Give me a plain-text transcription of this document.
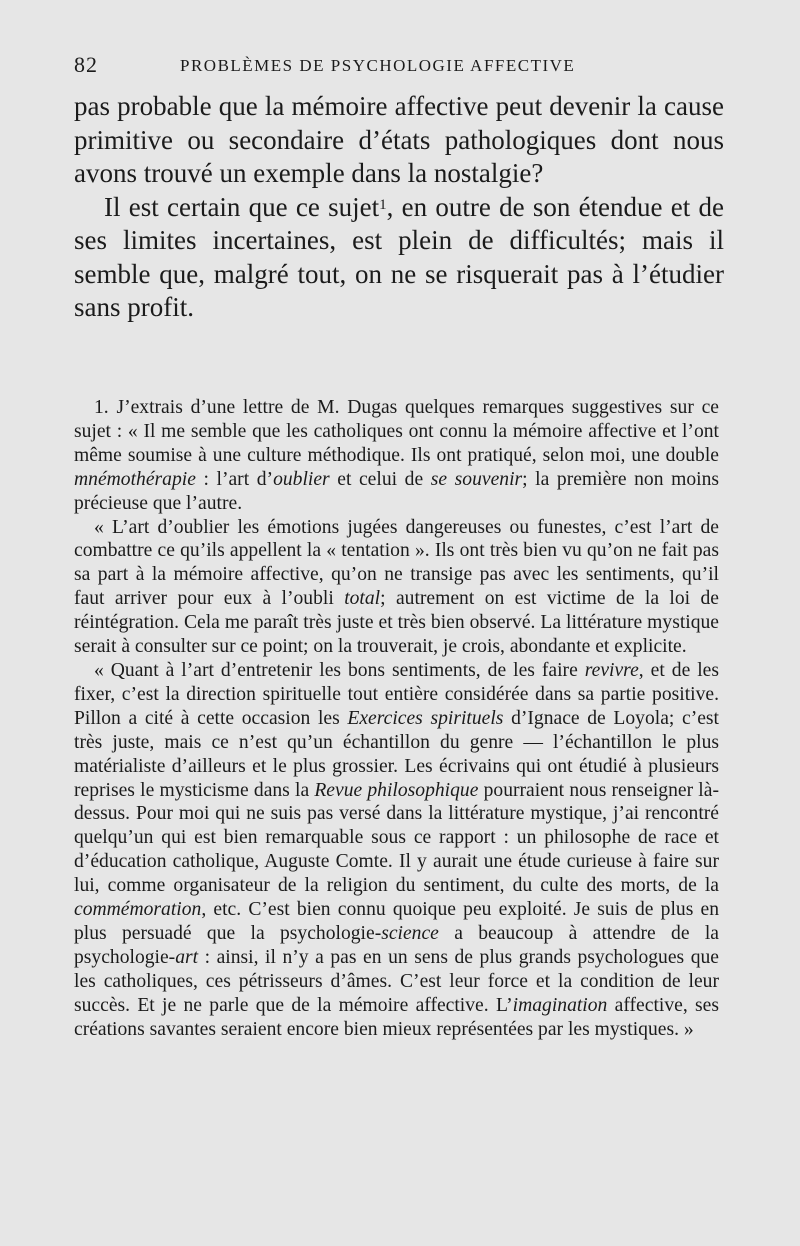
82	PROBLÈMES DE PSYCHOLOGIE AFFECTIVE

pas probable que la mémoire affective peut devenir la cause primitive ou secondaire d’états pathologiques dont nous avons trouvé un exemple dans la nostalgie?

Il est certain que ce sujet$^1$, en outre de son étendue et de ses limites incertaines, est plein de difficultés; mais il semble que, malgré tout, on ne se risquerait pas à l’étudier sans profit.

1. J’extrais d’une lettre de M. Dugas quelques remarques suggestives sur ce sujet : « Il me semble que les catholiques ont connu la mémoire affective et l’ont même soumise à une culture méthodique. Ils ont pratiqué, selon moi, une double mnémothérapie : l’art d’oublier et celui de se souvenir; la première non moins précieuse que l’autre.

« L’art d’oublier les émotions jugées dangereuses ou funestes, c’est l’art de combattre ce qu’ils appellent la « tentation ». Ils ont très bien vu qu’on ne fait pas sa part à la mémoire affective, qu’on ne transige pas avec les sentiments, qu’il faut arriver pour eux à l’oubli total; autrement on est victime de la loi de réintégration. Cela me paraît très juste et très bien observé. La littérature mystique serait à consulter sur ce point; on la trouverait, je crois, abondante et explicite.

« Quant à l’art d’entretenir les bons sentiments, de les faire revivre, et de les fixer, c’est la direction spirituelle tout entière considérée dans sa partie positive. Pillon a cité à cette occasion les Exercices spirituels d’Ignace de Loyola; c’est très juste, mais ce n’est qu’un échantillon du genre — l’échantillon le plus matérialiste d’ailleurs et le plus grossier. Les écrivains qui ont étudié à plusieurs reprises le mysticisme dans la Revue philosophique pourraient nous renseigner là-dessus. Pour moi qui ne suis pas versé dans la littérature mystique, j’ai rencontré quelqu’un qui est bien remarquable sous ce rapport : un philosophe de race et d’éducation catholique, Auguste Comte. Il y aurait une étude curieuse à faire sur lui, comme organisateur de la religion du sentiment, du culte des morts, de la commémoration, etc. C’est bien connu quoique peu exploité. Je suis de plus en plus persuadé que la psychologie-science a beaucoup à attendre de la psychologie-art : ainsi, il n’y a pas en un sens de plus grands psychologues que les catholiques, ces pétrisseurs d’âmes. C’est leur force et la condition de leur succès. Et je ne parle que de la mémoire affective. L’imagination affective, ses créations savantes seraient encore bien mieux représentées par les mystiques. »
